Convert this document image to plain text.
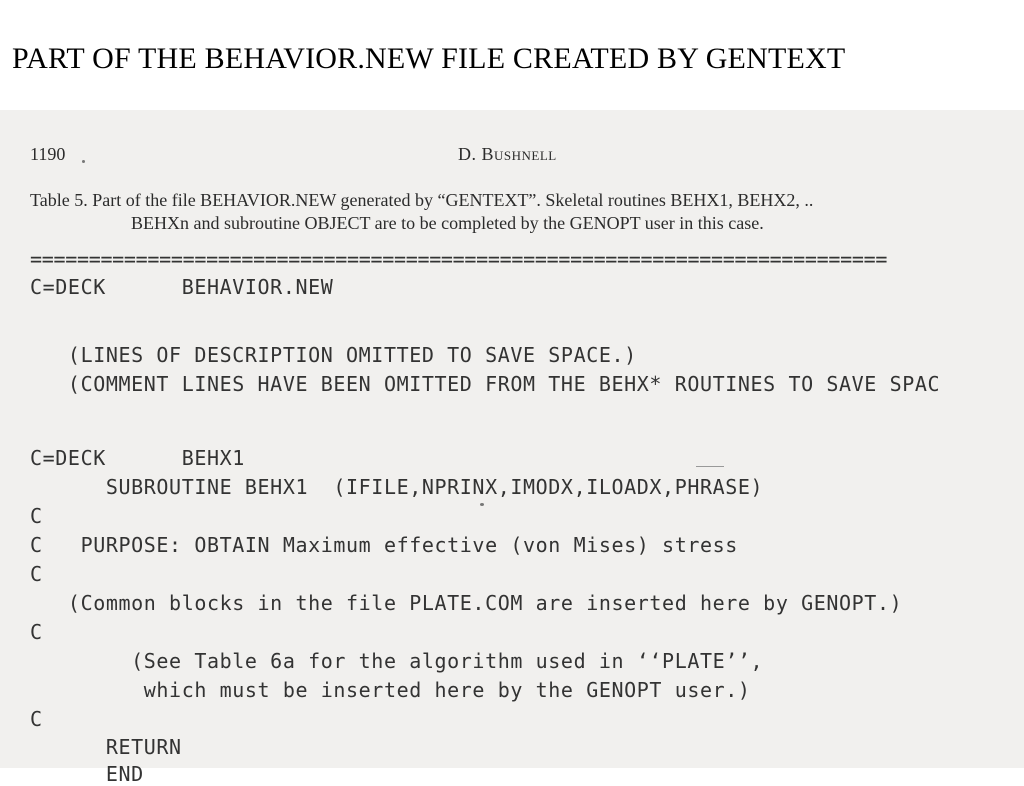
PART OF THE BEHAVIOR.NEW FILE CREATED BY GENTEXT
1190	D. Bushnell
Table 5. Part of the file BEHAVIOR.NEW generated by “GENTEXT”. Skeletal routines BEHX1, BEHX2, ..
BEHXn and subroutine OBJECT are to be completed by the GENOPT user in this case.
=========================================================================
C=DECK      BEHAVIOR.NEW
(LINES OF DESCRIPTION OMITTED TO SAVE SPACE.)
(COMMENT LINES HAVE BEEN OMITTED FROM THE BEHX* ROUTINES TO SAVE SPAC
C=DECK      BEHX1
SUBROUTINE BEHX1  (IFILE,NPRINX,IMODX,ILOADX,PHRASE)
C
C   PURPOSE: OBTAIN Maximum effective (von Mises) stress
C
(Common blocks in the file PLATE.COM are inserted here by GENOPT.)
C
(See Table 6a for the algorithm used in ‘‘PLATE’’,
which must be inserted here by the GENOPT user.)
C
RETURN
END
